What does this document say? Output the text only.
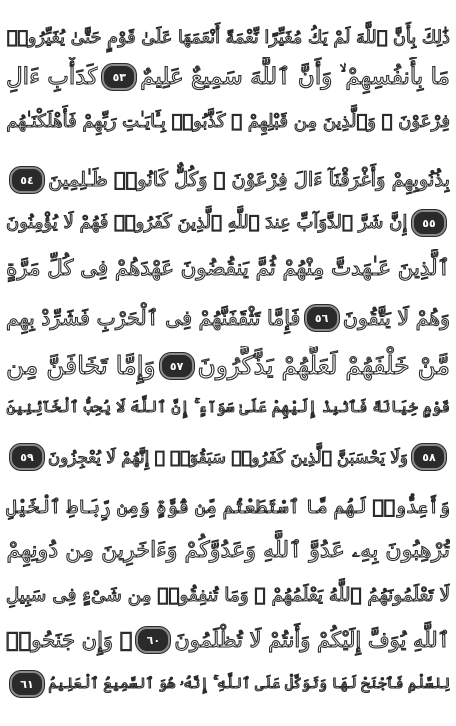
ذَٰلِكَ بِأَنَّ ٱللَّهَ لَمْ يَكُ مُغَيِّرًا نِّعْمَةً أَنْعَمَهَا عَلَىٰ قَوْمٍ حَتَّىٰ يُغَيِّرُوا۟
مَا بِأَنفُسِهِمْ ۙ وَأَنَّ ٱللَّهَ سَمِيعٌ عَلِيمٌ
٥٣
كَدَأْبِ ءَالِ
فِرْعَوْنَ ۙ وَٱلَّذِينَ مِن قَبْلِهِمْ ۚ كَذَّبُوا۟ بِـَٔايَـٰتِ رَبِّهِمْ فَأَهْلَكْنَـٰهُم
بِذُنُوبِهِمْ وَأَغْرَقْنَآ ءَالَ فِرْعَوْنَ ۚ وَكُلٌّ كَانُوا۟ ظَـٰلِمِينَ
٥٤
٥٥
إِنَّ شَرَّ ٱلدَّوَآبِّ عِندَ ٱللَّهِ ٱلَّذِينَ كَفَرُوا۟ فَهُمْ لَا يُؤْمِنُونَ
ٱلَّذِينَ عَـٰهَدتَّ مِنْهُمْ ثُمَّ يَنقُضُونَ عَهْدَهُمْ فِى كُلِّ مَرَّةٍ
وَهُمْ لَا يَتَّقُونَ
٥٦
فَإِمَّا تَثْقَفَنَّهُمْ فِى ٱلْحَرْبِ فَشَرِّدْ بِهِم
مَّنْ خَلْفَهُمْ لَعَلَّهُمْ يَذَّكَّرُونَ
٥٧
وَإِمَّا تَخَافَنَّ مِن
قَوْمٍ خِيَانَةً فَٱنۢبِذْ إِلَيْهِمْ عَلَىٰ سَوَآءٍ ۚ إِنَّ ٱللَّهَ لَا يُحِبُّ ٱلْخَآئِنِينَ
٥٨
وَلَا يَحْسَبَنَّ ٱلَّذِينَ كَفَرُوا۟ سَبَقُوٓا۟ ۚ إِنَّهُمْ لَا يُعْجِزُونَ
٥٩
وَأَعِدُّوا۟ لَهُم مَّا ٱسْتَطَعْتُم مِّن قُوَّةٍ وَمِن رِّبَاطِ ٱلْخَيْلِ
تُرْهِبُونَ بِهِۦ عَدُوَّ ٱللَّهِ وَعَدُوَّكُمْ وَءَاخَرِينَ مِن دُونِهِمْ
لَا تَعْلَمُونَهُمُ ٱللَّهُ يَعْلَمُهُمْ ۚ وَمَا تُنفِقُوا۟ مِن شَىْءٍ فِى سَبِيلِ
ٱللَّهِ يُوَفَّ إِلَيْكُمْ وَأَنتُمْ لَا تُظْلَمُونَ
٦٠
۞ وَإِن جَنَحُوا۟
لِلسَّلْمِ فَٱجْنَحْ لَهَا وَتَوَكَّلْ عَلَى ٱللَّهِ ۚ إِنَّهُۥ هُوَ ٱلسَّمِيعُ ٱلْعَلِيمُ
٦١
